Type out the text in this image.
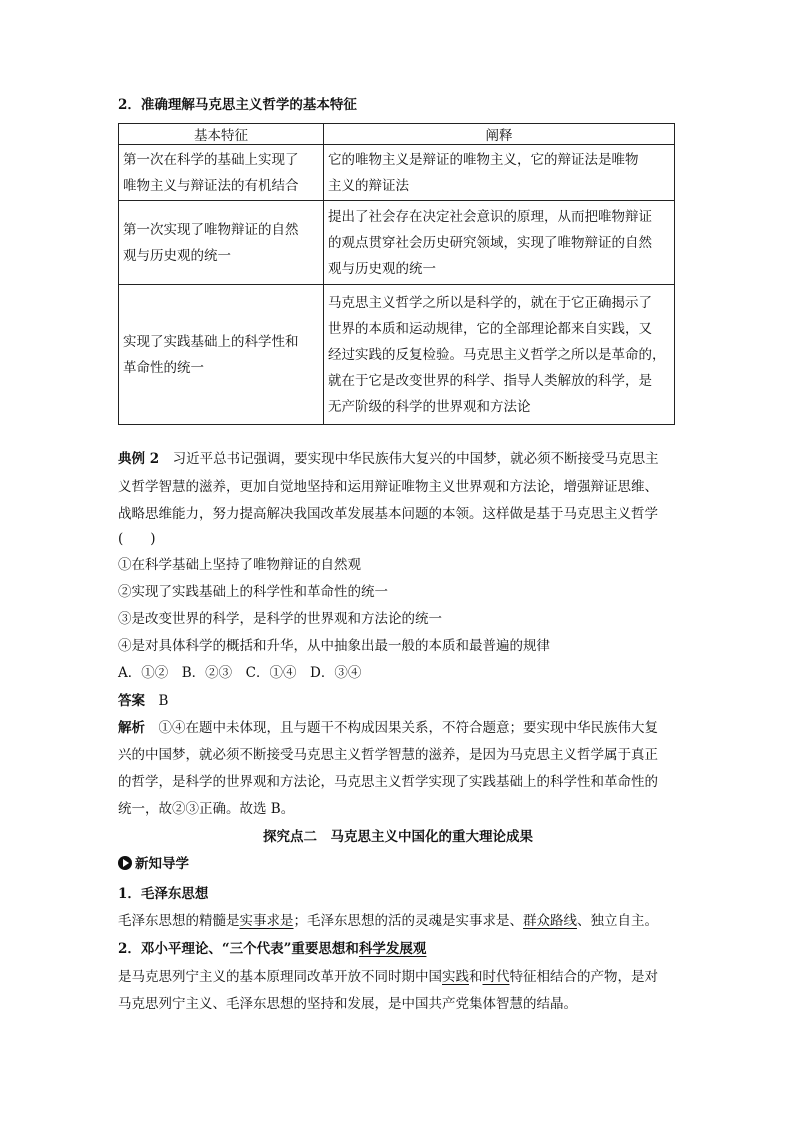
2．准确理解马克思主义哲学的基本特征
基本特征	阐释

第一次在科学的基础上实现了
唯物主义与辩证法的有机结合	它的唯物主义是辩证的唯物主义，它的辩证法是唯物
主义的辩证法

第一次实现了唯物辩证的自然
观与历史观的统一	提出了社会存在决定社会意识的原理，从而把唯物辩证
的观点贯穿社会历史研究领域，实现了唯物辩证的自然
观与历史观的统一

实现了实践基础上的科学性和
革命性的统一	马克思主义哲学之所以是科学的，就在于它正确揭示了
世界的本质和运动规律，它的全部理论都来自实践，又
经过实践的反复检验。马克思主义哲学之所以是革命的，
就在于它是改变世界的科学、指导人类解放的科学，是
无产阶级的科学的世界观和方法论
典例 2　 习近平总书记强调，要实现中华民族伟大复兴的中国梦，就必须不断接受马克思主
义哲学智慧的滋养，更加自觉地坚持和运用辩证唯物主义世界观和方法论，增强辩证思维、
战略思维能力，努力提高解决我国改革发展基本问题的本领。这样做是基于马克思主义哲学
(　　)
①在科学基础上坚持了唯物辩证的自然观
②实现了实践基础上的科学性和革命性的统一
③是改变世界的科学，是科学的世界观和方法论的统一
④是对具体科学的概括和升华，从中抽象出最一般的本质和最普遍的规律
A．①②　B．②③　C．①④　D．③④
答案　 B
解析　 ①④在题中未体现，且与题干不构成因果关系，不符合题意；要实现中华民族伟大复
兴的中国梦，就必须不断接受马克思主义哲学智慧的滋养，是因为马克思主义哲学属于真正
的哲学，是科学的世界观和方法论，马克思主义哲学实现了实践基础上的科学性和革命性的
统一，故②③正确。故选 B。
探究点二　马克思主义中国化的重大理论成果
新知导学
1．毛泽东思想
毛泽东思想的精髓是实事求是；毛泽东思想的活的灵魂是实事求是、群众路线、独立自主。
2．邓小平理论、“三个代表”重要思想和科学发展观
是马克思列宁主义的基本原理同改革开放不同时期中国实践和时代特征相结合的产物，是对
马克思列宁主义、毛泽东思想的坚持和发展，是中国共产党集体智慧的结晶。
